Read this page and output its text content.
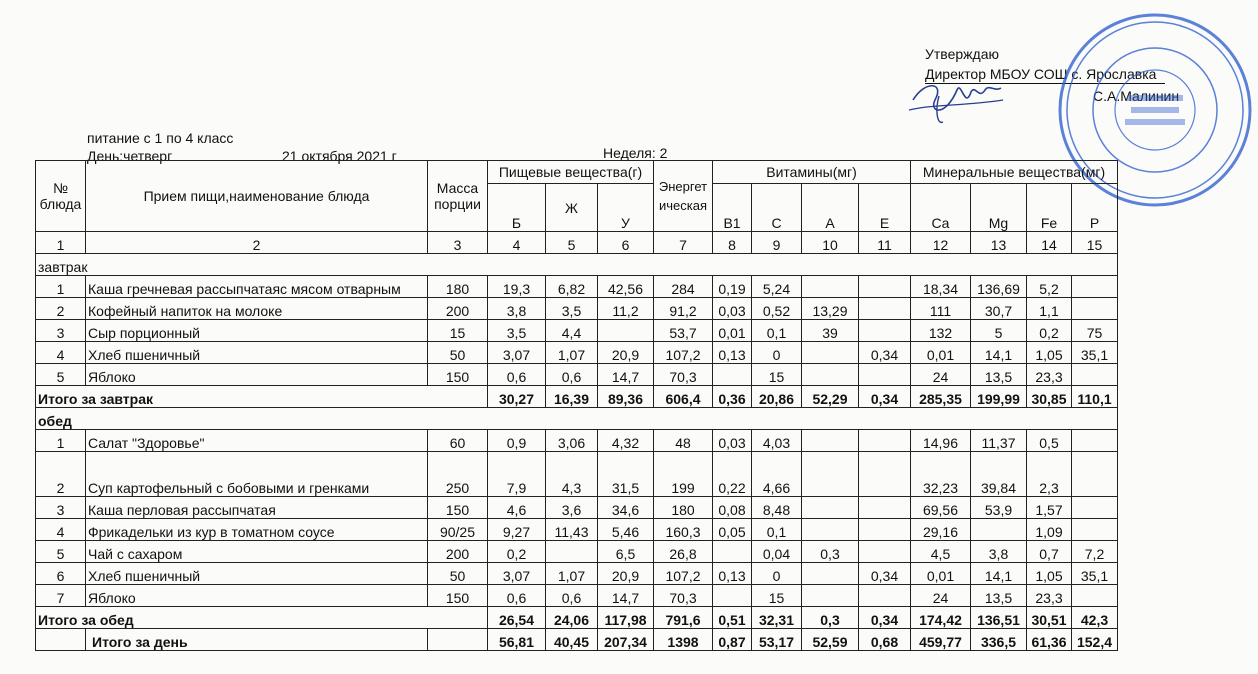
Утверждаю
Директор МБОУ СОШ с. Ярославка
С.А.Малинин
питание с 1 по 4 класс
День:четверг	21 октября 2021 г	Неделя: 2
№ блюда	Прием пищи,наименование блюда	Масса порции	Пищевые вещества(г)			Энергетическая	Витамины(мг)				Минеральные вещества(мг)			
			Б	Ж	У		В1	С	А	Е	Ca	Mg	Fe	P
1	2	3	4	5	6	7	8	9	10	11	12	13	14	15
завтрак														
1	Каша гречневая рассыпчатаяс мясом отварным	180	19,3	6,82	42,56	284	0,19	5,24			18,34	136,69	5,2	
2	Кофейный напиток на молоке	200	3,8	3,5	11,2	91,2	0,03	0,52	13,29		111	30,7	1,1	
3	Сыр порционный	15	3,5	4,4		53,7	0,01	0,1	39		132	5	0,2	75
4	Хлеб пшеничный	50	3,07	1,07	20,9	107,2	0,13	0		0,34	0,01	14,1	1,05	35,1
5	Яблоко	150	0,6	0,6	14,7	70,3		15			24	13,5	23,3	
Итого за завтрак			30,27	16,39	89,36	606,4	0,36	20,86	52,29	0,34	285,35	199,99	30,85	110,1
обед														
1	Салат "Здоровье"	60	0,9	3,06	4,32	48	0,03	4,03			14,96	11,37	0,5	
2	Суп картофельный с бобовыми и гренками	250	7,9	4,3	31,5	199	0,22	4,66			32,23	39,84	2,3	
3	Каша перловая рассыпчатая	150	4,6	3,6	34,6	180	0,08	8,48			69,56	53,9	1,57	
4	Фрикадельки из кур в томатном соусе	90/25	9,27	11,43	5,46	160,3	0,05	0,1			29,16		1,09	
5	Чай с сахаром	200	0,2		6,5	26,8		0,04	0,3		4,5	3,8	0,7	7,2
6	Хлеб пшеничный	50	3,07	1,07	20,9	107,2	0,13	0		0,34	0,01	14,1	1,05	35,1
7	Яблоко	150	0,6	0,6	14,7	70,3		15			24	13,5	23,3	
Итого за обед			26,54	24,06	117,98	791,6	0,51	32,31	0,3	0,34	174,42	136,51	30,51	42,3
	Итого за день		56,81	40,45	207,34	1398	0,87	53,17	52,59	0,68	459,77	336,5	61,36	152,4
